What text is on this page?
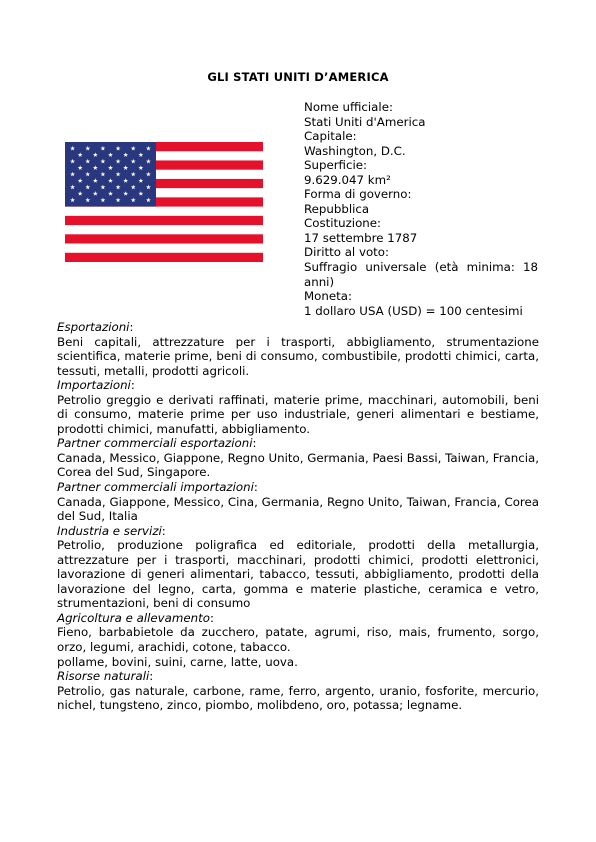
GLI STATI UNITI D’AMERICA
Nome ufficiale:
Stati Uniti d'America
Capitale:
Washington, D.C.
Superficie:
9.629.047 km²
Forma di governo:
Repubblica
Costituzione:
17 settembre 1787
Diritto al voto:
Suffragio universale (età minima: 18 anni)
Moneta:
1 dollaro USA (USD) = 100 centesimi
Esportazioni:
Beni capitali, attrezzature per i trasporti, abbigliamento, strumentazione scientifica, materie prime, beni di consumo, combustibile, prodotti chimici, carta, tessuti, metalli, prodotti agricoli.
Importazioni:
Petrolio greggio e derivati raffinati, materie prime, macchinari, automobili, beni di consumo, materie prime per uso industriale, generi alimentari e bestiame, prodotti chimici, manufatti, abbigliamento.
Partner commerciali esportazioni:
Canada, Messico, Giappone, Regno Unito, Germania, Paesi Bassi, Taiwan, Francia, Corea del Sud, Singapore.
Partner commerciali importazioni:
Canada, Giappone, Messico, Cina, Germania, Regno Unito, Taiwan, Francia, Corea del Sud, Italia
Industria e servizi:
Petrolio, produzione poligrafica ed editoriale, prodotti della metallurgia, attrezzature per i trasporti, macchinari, prodotti chimici, prodotti elettronici, lavorazione di generi alimentari, tabacco, tessuti, abbigliamento, prodotti della lavorazione del legno, carta, gomma e materie plastiche, ceramica e vetro, strumentazioni, beni di consumo
Agricoltura e allevamento:
Fieno, barbabietole da zucchero, patate, agrumi, riso, mais, frumento, sorgo, orzo, legumi, arachidi, cotone, tabacco.
pollame, bovini, suini, carne, latte, uova.
Risorse naturali:
Petrolio, gas naturale, carbone, rame, ferro, argento, uranio, fosforite, mercurio, nichel, tungsteno, zinco, piombo, molibdeno, oro, potassa; legname.
